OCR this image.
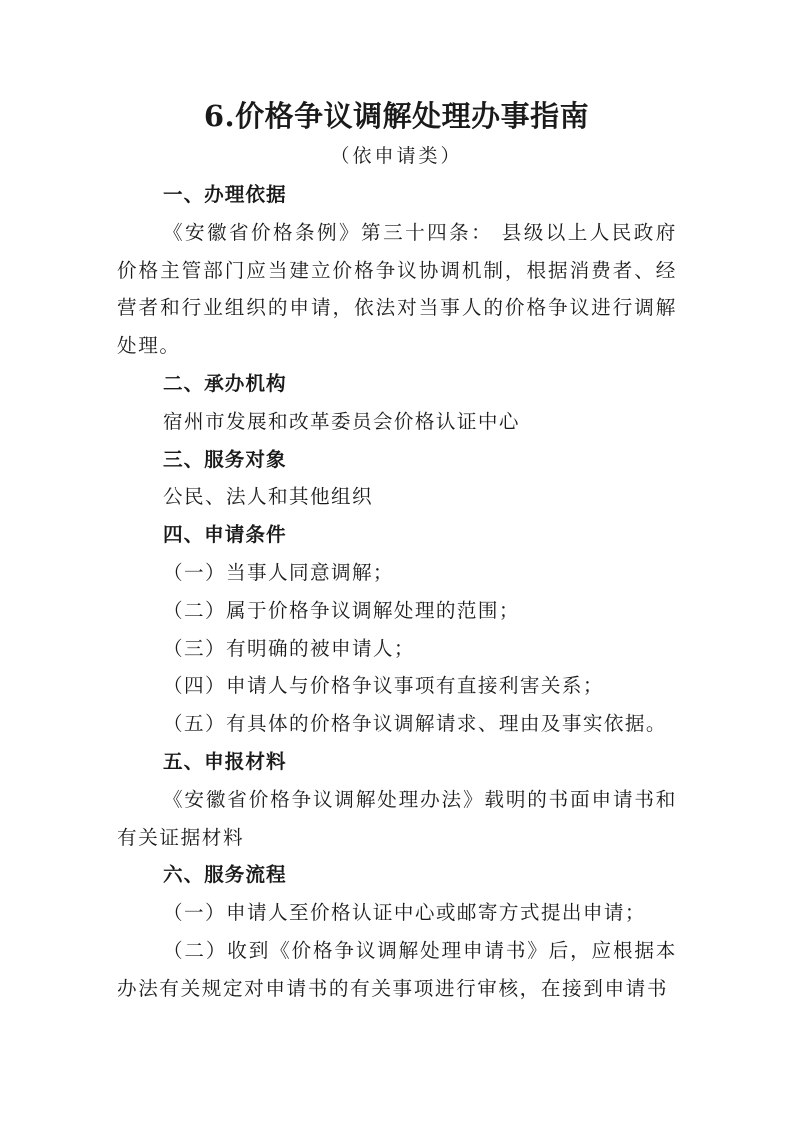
6.价格争议调解处理办事指南
（依申请类）

一、办理依据

《安徽省价格条例》第三十四条： 县级以上人民政府价格主管部门应当建立价格争议协调机制，根据消费者、经营者和行业组织的申请，依法对当事人的价格争议进行调解处理。

二、承办机构

宿州市发展和改革委员会价格认证中心

三、服务对象

公民、法人和其他组织

四、申请条件

（一）当事人同意调解；

（二）属于价格争议调解处理的范围；

（三）有明确的被申请人；

（四）申请人与价格争议事项有直接利害关系；

（五）有具体的价格争议调解请求、理由及事实依据。

五、申报材料

《安徽省价格争议调解处理办法》载明的书面申请书和有关证据材料

六、服务流程

（一）申请人至价格认证中心或邮寄方式提出申请；

（二）收到《价格争议调解处理申请书》后，应根据本办法有关规定对申请书的有关事项进行审核，在接到申请书
